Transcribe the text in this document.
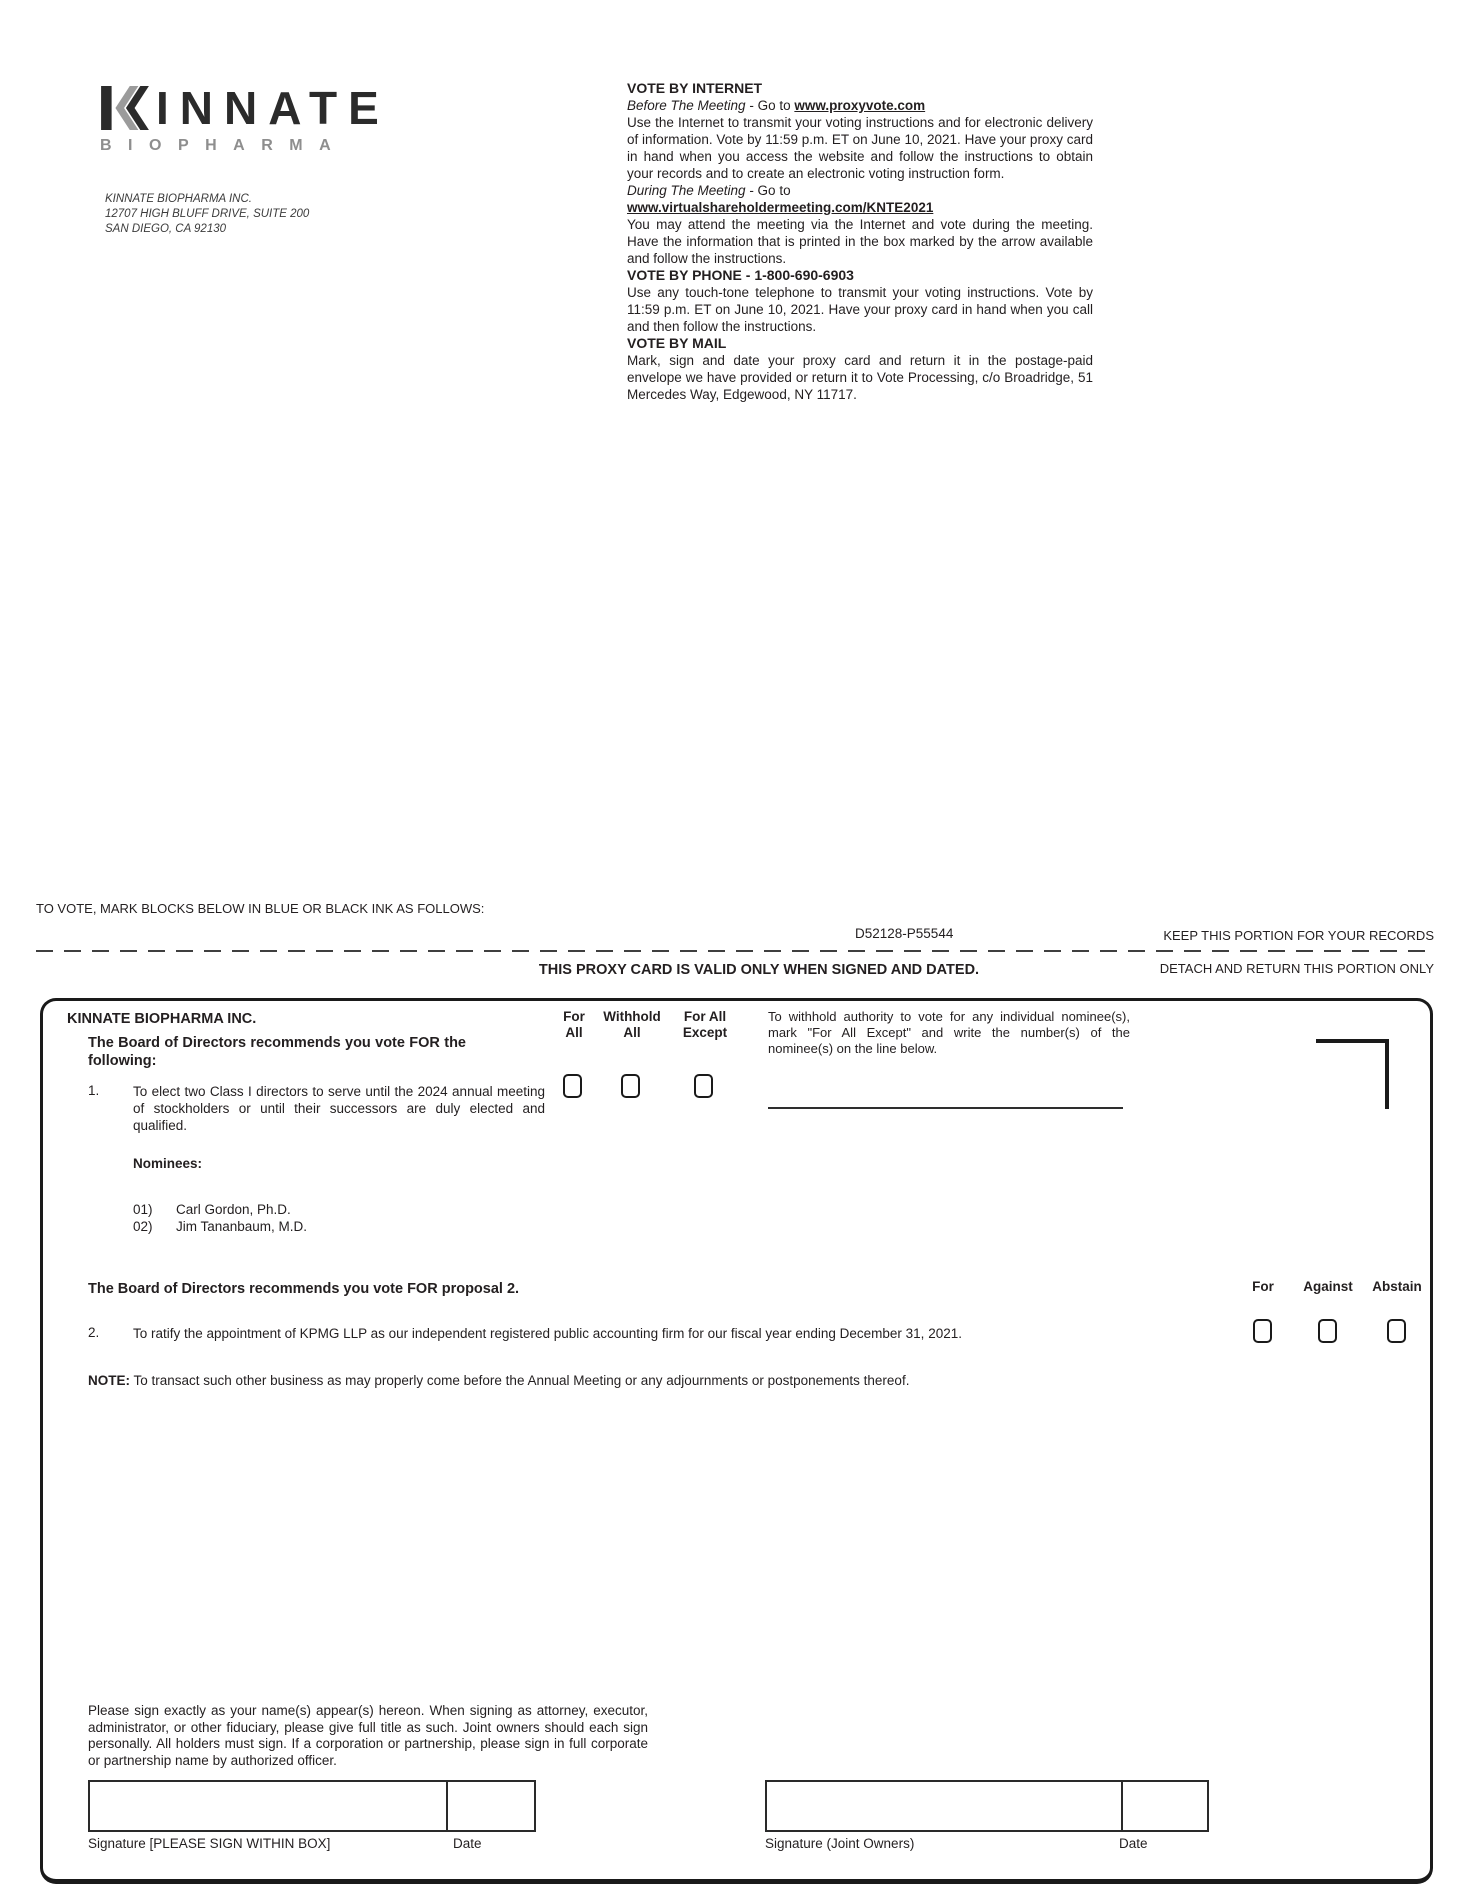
INNATE
BIOPHARMA
KINNATE BIOPHARMA INC.
12707 HIGH BLUFF DRIVE, SUITE 200
SAN DIEGO, CA 92130
VOTE BY INTERNET

Before The Meeting - Go to www.proxyvote.com

Use the Internet to transmit your voting instructions and for electronic delivery of information. Vote by 11:59 p.m. ET on June 10, 2021. Have your proxy card in hand when you access the website and follow the instructions to obtain your records and to create an electronic voting instruction form.

During The Meeting - Go to www.virtualshareholdermeeting.com/KNTE2021

You may attend the meeting via the Internet and vote during the meeting. Have the information that is printed in the box marked by the arrow available and follow the instructions.

VOTE BY PHONE - 1-800-690-6903

Use any touch-tone telephone to transmit your voting instructions. Vote by 11:59 p.m. ET on June 10, 2021. Have your proxy card in hand when you call and then follow the instructions.

VOTE BY MAIL

Mark, sign and date your proxy card and return it in the postage-paid envelope we have provided or return it to Vote Processing, c/o Broadridge, 51 Mercedes Way, Edgewood, NY 11717.

TO VOTE, MARK BLOCKS BELOW IN BLUE OR BLACK INK AS FOLLOWS:
D52128-P55544	KEEP THIS PORTION FOR YOUR RECORDS
THIS PROXY CARD IS VALID ONLY WHEN SIGNED AND DATED.	DETACH AND RETURN THIS PORTION ONLY
KINNATE BIOPHARMA INC.
The Board of Directors recommends you vote FOR the following:
For
All
Withhold
All
For All
Except
To withhold authority to vote for any individual nominee(s), mark "For All Except" and write the number(s) of the nominee(s) on the line below.
1. To elect two Class I directors to serve until the 2024 annual meeting of stockholders or until their successors are duly elected and qualified.
Nominees:
01)	Carl Gordon, Ph.D.
02)	Jim Tananbaum, M.D.
The Board of Directors recommends you vote FOR proposal 2.	For Against Abstain
2. To ratify the appointment of KPMG LLP as our independent registered public accounting firm for our fiscal year ending December 31, 2021.
NOTE: To transact such other business as may properly come before the Annual Meeting or any adjournments or postponements thereof.
Please sign exactly as your name(s) appear(s) hereon. When signing as attorney, executor, administrator, or other fiduciary, please give full title as such. Joint owners should each sign personally. All holders must sign. If a corporation or partnership, please sign in full corporate or partnership name by authorized officer.
Signature [PLEASE SIGN WITHIN BOX]	Date	Signature (Joint Owners)	Date
